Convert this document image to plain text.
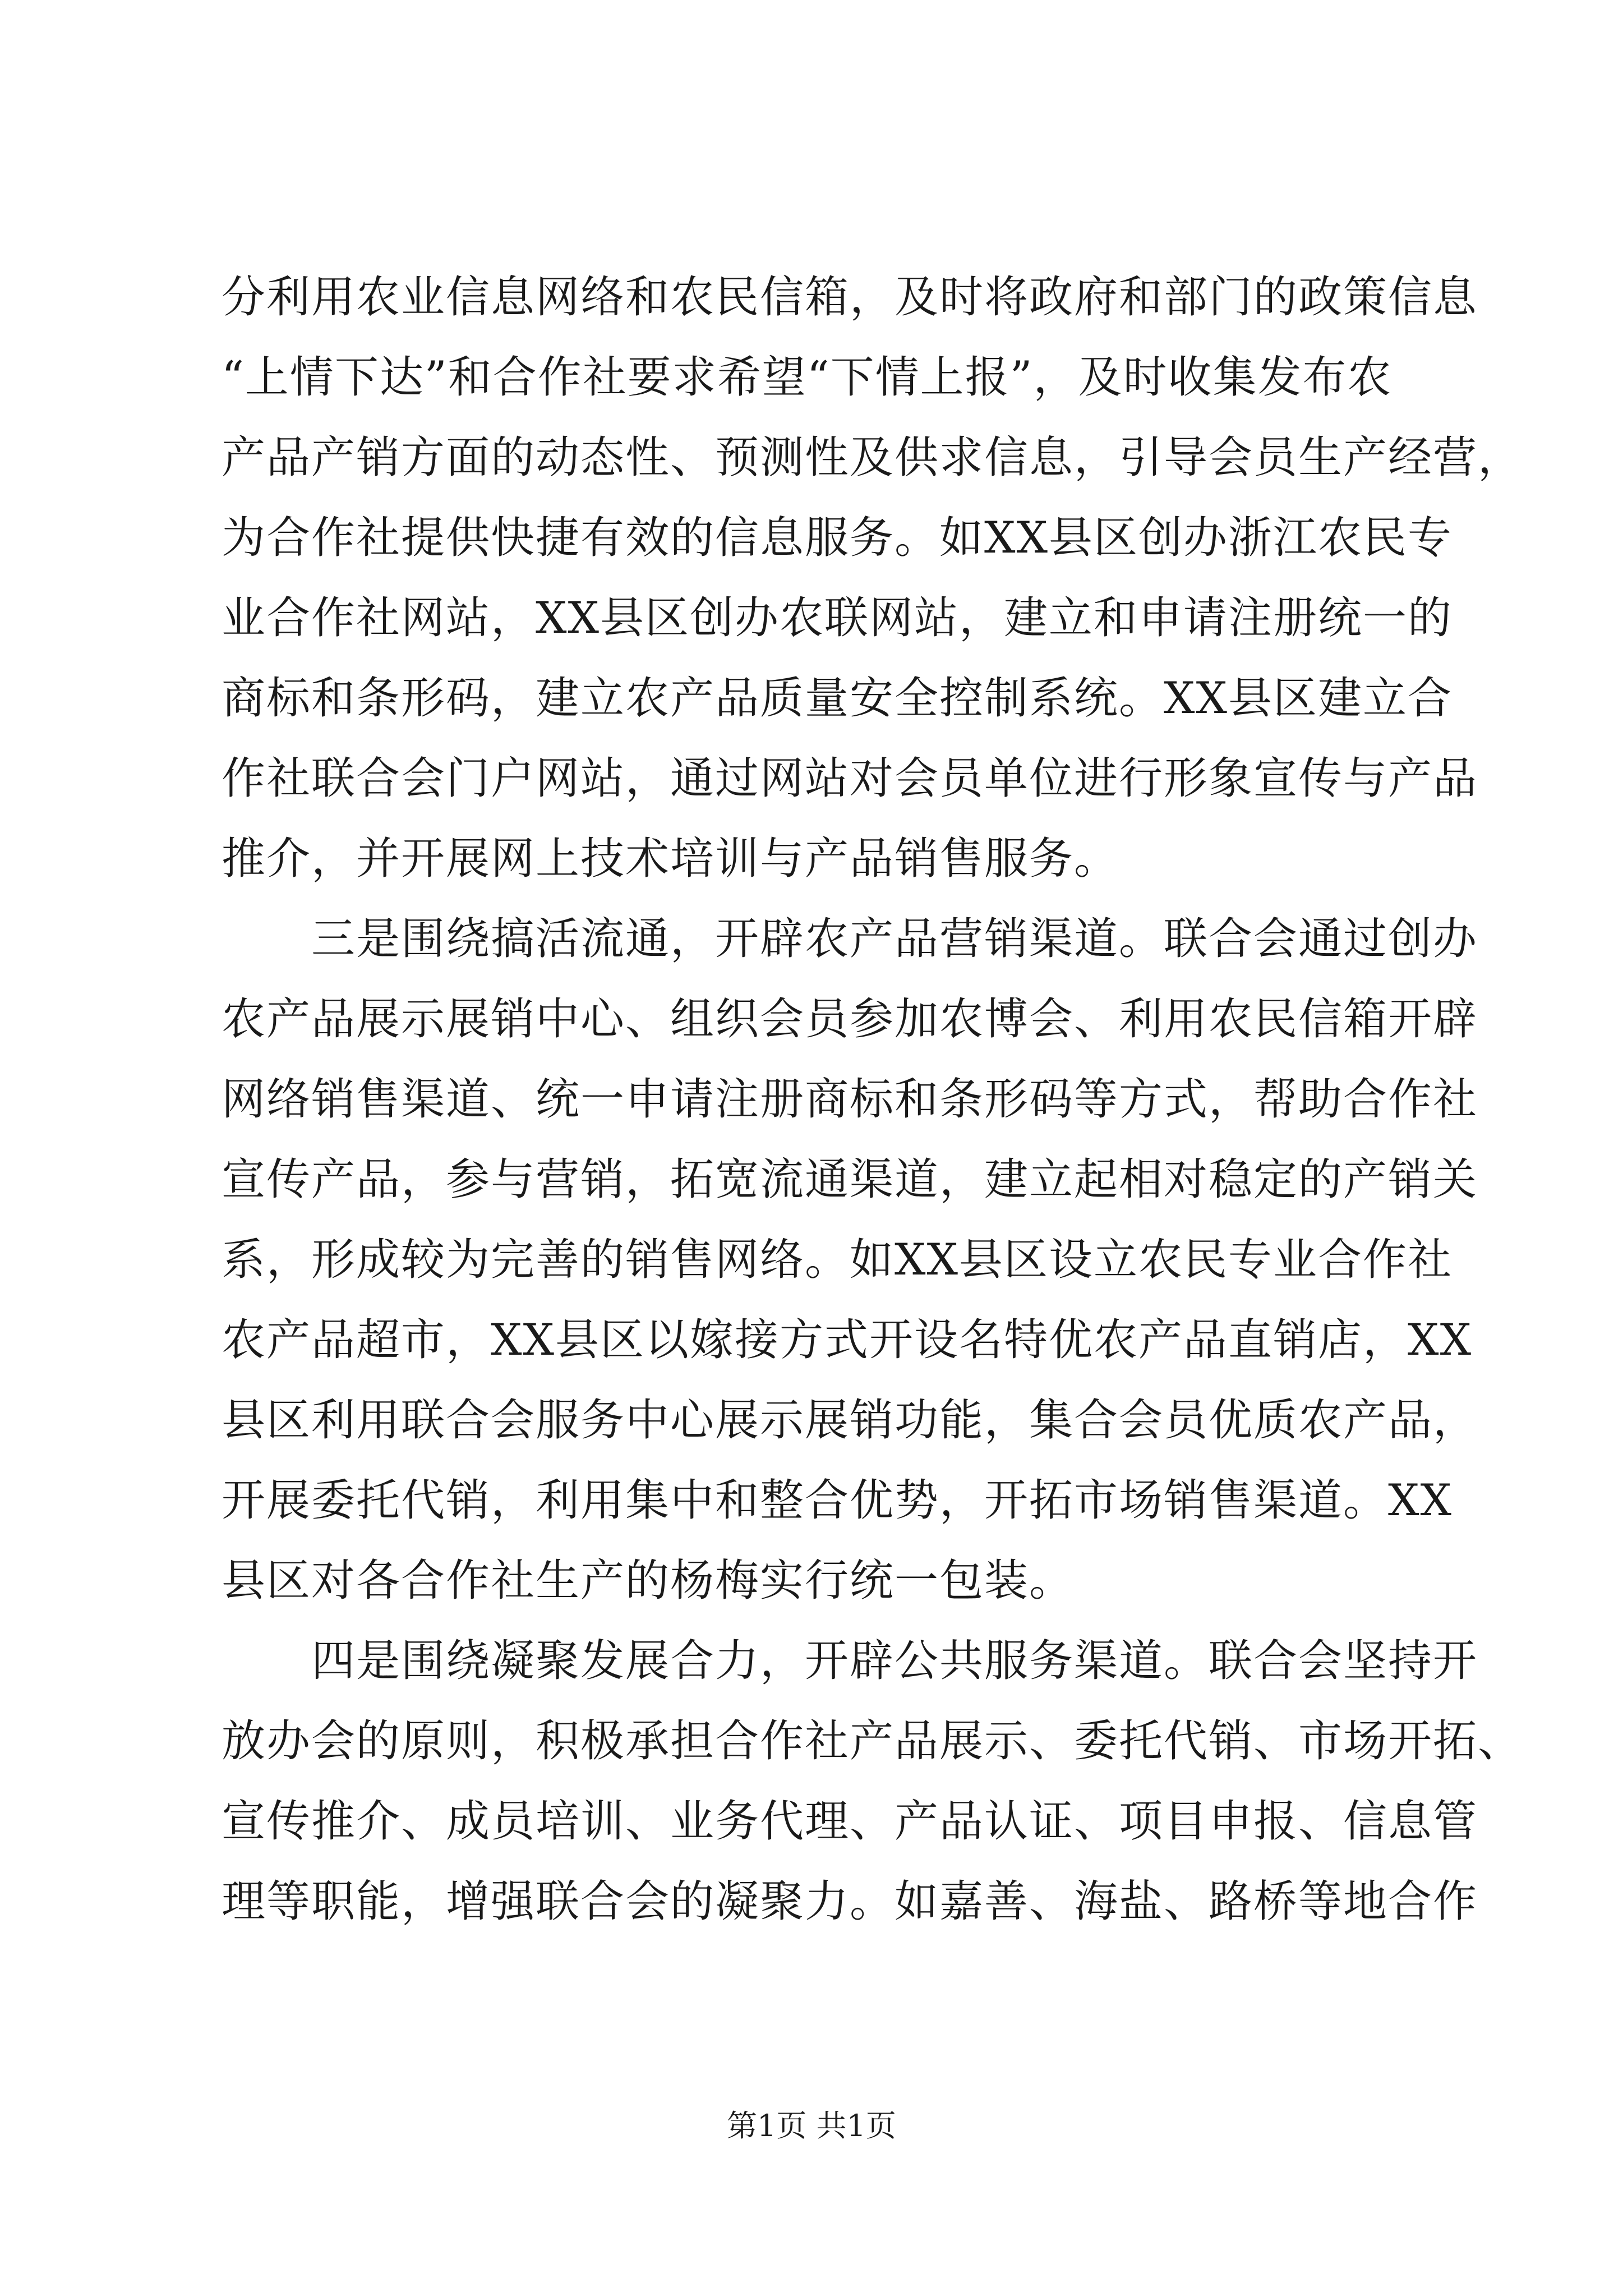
分利用农业信息网络和农民信箱，及时将政府和部门的政策信息
“上情下达”和合作社要求希望“下情上报”，及时收集发布农
产品产销方面的动态性、预测性及供求信息，引导会员生产经营，
为合作社提供快捷有效的信息服务。如XX县区创办浙江农民专
业合作社网站，XX县区创办农联网站，建立和申请注册统一的
商标和条形码，建立农产品质量安全控制系统。XX县区建立合
作社联合会门户网站，通过网站对会员单位进行形象宣传与产品
推介，并开展网上技术培训与产品销售服务。
　　三是围绕搞活流通，开辟农产品营销渠道。联合会通过创办
农产品展示展销中心、组织会员参加农博会、利用农民信箱开辟
网络销售渠道、统一申请注册商标和条形码等方式，帮助合作社
宣传产品，参与营销，拓宽流通渠道，建立起相对稳定的产销关
系，形成较为完善的销售网络。如XX县区设立农民专业合作社
农产品超市，XX县区以嫁接方式开设名特优农产品直销店，XX
县区利用联合会服务中心展示展销功能，集合会员优质农产品，
开展委托代销，利用集中和整合优势，开拓市场销售渠道。XX
县区对各合作社生产的杨梅实行统一包装。
　　四是围绕凝聚发展合力，开辟公共服务渠道。联合会坚持开
放办会的原则，积极承担合作社产品展示、委托代销、市场开拓、
宣传推介、成员培训、业务代理、产品认证、项目申报、信息管
理等职能，增强联合会的凝聚力。如嘉善、海盐、路桥等地合作
第1页 共1页
